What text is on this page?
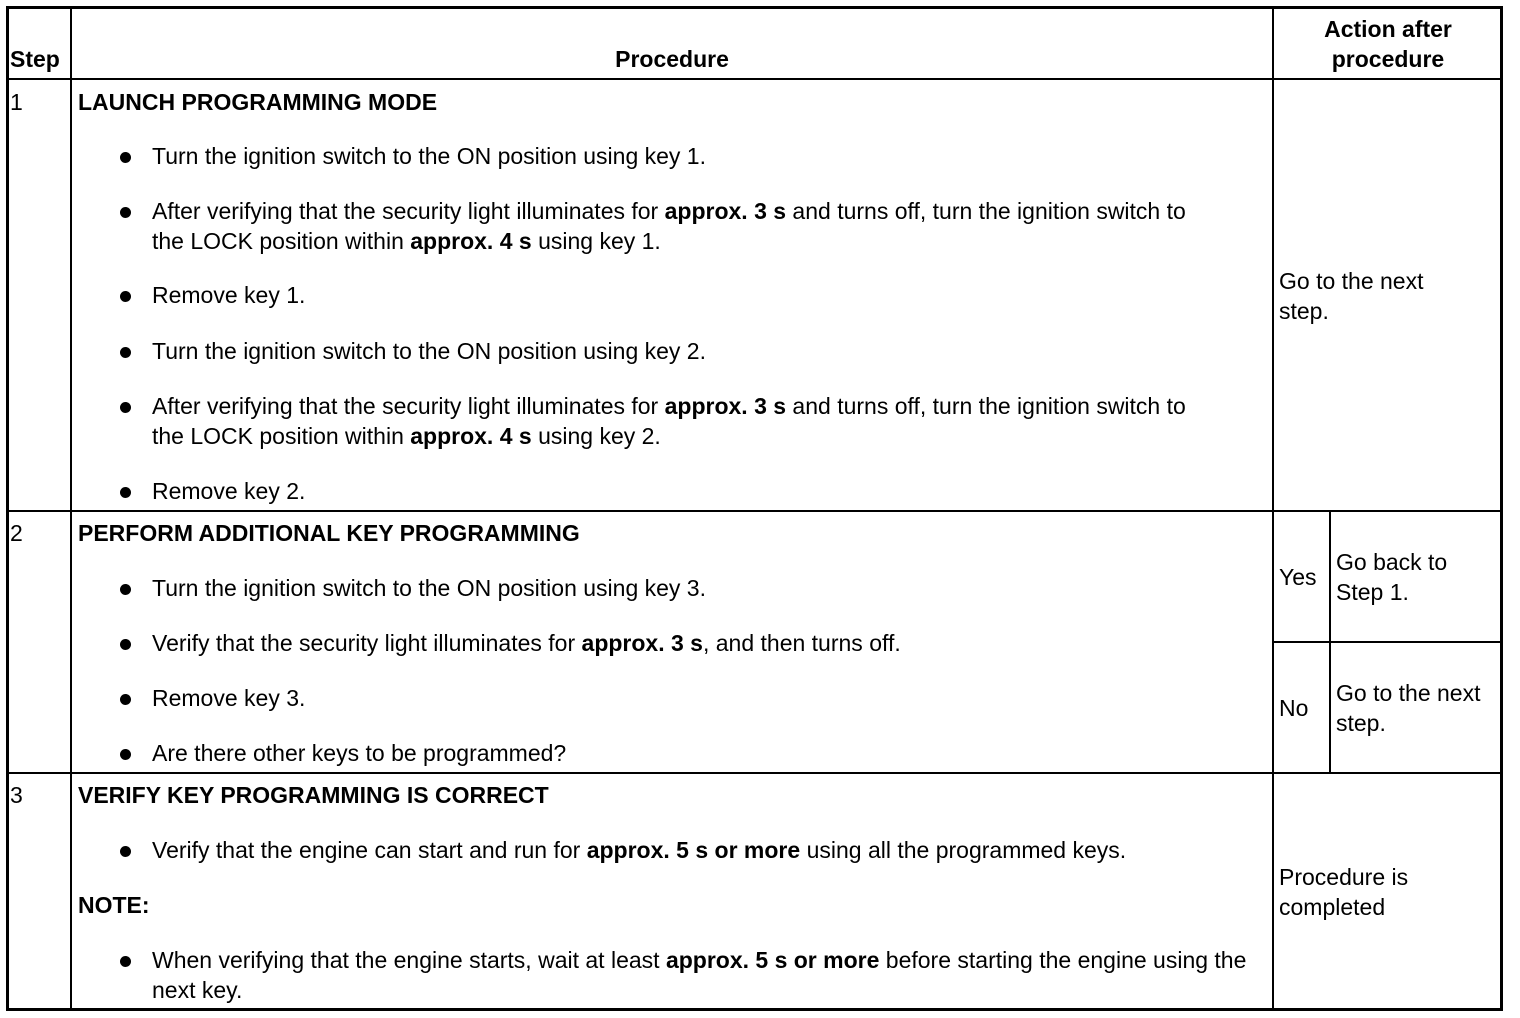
Step	Procedure
Action after
procedure
1 LAUNCH PROGRAMMING MODE
Turn the ignition switch to the ON position using key 1.
After verifying that the security light illuminates for approx. 3 s and turns off, turn the ignition switch to the LOCK position within approx. 4 s using key 1.
Remove key 1.
Turn the ignition switch to the ON position using key 2.
After verifying that the security light illuminates for approx. 3 s and turns off, turn the ignition switch to the LOCK position within approx. 4 s using key 2.
Remove key 2.
Go to the next step.
2 PERFORM ADDITIONAL KEY PROGRAMMING
Turn the ignition switch to the ON position using key 3.
Verify that the security light illuminates for approx. 3 s, and then turns off.
Remove key 3.
Are there other keys to be programmed?
Yes
Go back to Step 1.
No
Go to the next step.
3 VERIFY KEY PROGRAMMING IS CORRECT
Verify that the engine can start and run for approx. 5 s or more using all the programmed keys.
NOTE:
When verifying that the engine starts, wait at least approx. 5 s or more before starting the engine using the next key.
Procedure is completed
